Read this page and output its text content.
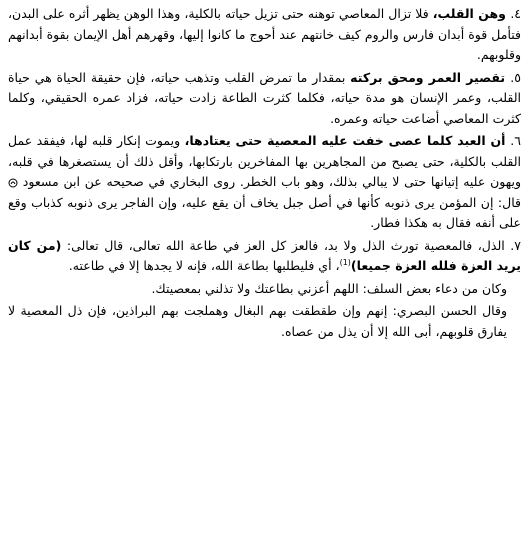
٤. وهن القلب، فلا تزال المعاصي توهنه حتى تزيل حياته بالكلية، وهذا الوهن يظهر أثره على البدن، فتأمل قوة أبدان فارس والروم كيف خانتهم عند أحوج ما كانوا إليها، وقهرهم أهل الإيمان بقوة أبدانهم وقلوبهم.

٥. تقصير العمر ومحق بركته بمقدار ما تمرض القلب وتذهب حياته، فإن حقيقة الحياة هي حياة القلب، وعمر الإنسان هو مدة حياته، فكلما كثرت الطاعة زادت حياته، فزاد عمره الحقيقي، وكلما كثرت المعاصي أضاعت حياته وعمره.

٦. أن العبد كلما عصى خفت عليه المعصية حتى يعتادها، ويموت إنكار قلبه لها، فيفقد عمل القلب بالكلية، حتى يصبح من المجاهرين بها المفاخرين بارتكابها، وأقل ذلك أن يستصغرها في قلبه، ويهون عليه إتيانها حتى لا يبالي بذلك، وهو باب الخطر. روى البخاري في صحيحه عن ابن مسعود  قال: إن المؤمن يرى ذنوبه كأنها في أصل جبل يخاف أن يقع عليه، وإن الفاجر يرى ذنوبه كذباب وقع على أنفه فقال به هكذا فطار.

٧. الذل، فالمعصية تورث الذل ولا بد، فالعز كل العز في طاعة الله تعالى، قال تعالى: (من كان يريد العزة فلله العزة جميعا)$^{(1)}$، أي فليطلبها بطاعة الله، فإنه لا يجدها إلا في طاعته.

وكان من دعاء بعض السلف: اللهم أعزني بطاعتك ولا تذلني بمعصيتك.

وقال الحسن البصري: إنهم وإن طقطقت بهم البغال وهملجت بهم البراذين، فإن ذل المعصية لا يفارق قلوبهم، أبى الله إلا أن يذل من عصاه.
